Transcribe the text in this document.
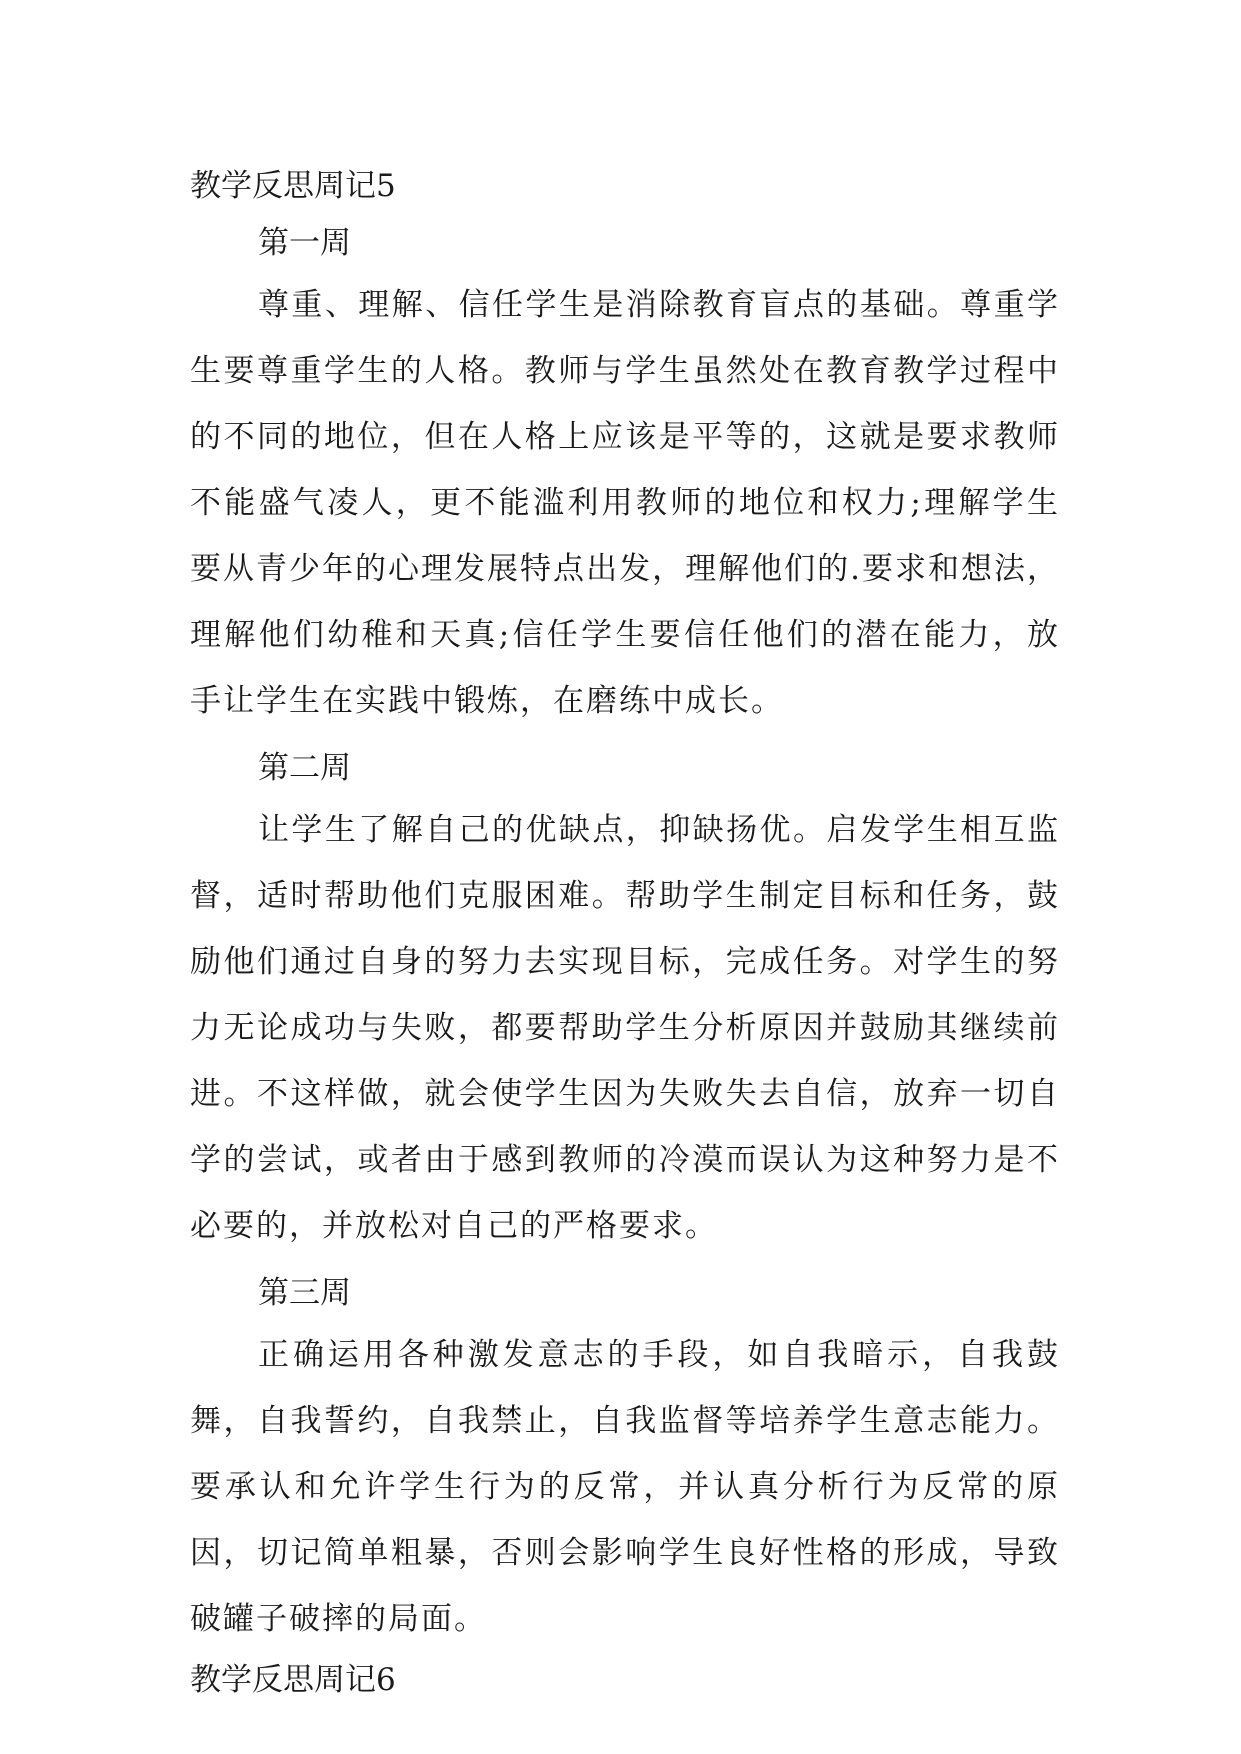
教学反思周记5
第一周

尊重、理解、信任学生是消除教育盲点的基础。尊重学生要尊重学生的人格。教师与学生虽然处在教育教学过程中的不同的地位，但在人格上应该是平等的，这就是要求教师不能盛气凌人，更不能滥利用教师的地位和权力;理解学生要从青少年的心理发展特点出发，理解他们的.要求和想法，理解他们幼稚和天真;信任学生要信任他们的潜在能力，放手让学生在实践中锻炼，在磨练中成长。

第二周

让学生了解自己的优缺点，抑缺扬优。启发学生相互监督，适时帮助他们克服困难。帮助学生制定目标和任务，鼓励他们通过自身的努力去实现目标，完成任务。对学生的努力无论成功与失败，都要帮助学生分析原因并鼓励其继续前进。不这样做，就会使学生因为失败失去自信，放弃一切自学的尝试，或者由于感到教师的冷漠而误认为这种努力是不必要的，并放松对自己的严格要求。

第三周

正确运用各种激发意志的手段，如自我暗示，自我鼓舞，自我誓约，自我禁止，自我监督等培养学生意志能力。要承认和允许学生行为的反常，并认真分析行为反常的原因，切记简单粗暴，否则会影响学生良好性格的形成，导致破罐子破摔的局面。

教学反思周记6
